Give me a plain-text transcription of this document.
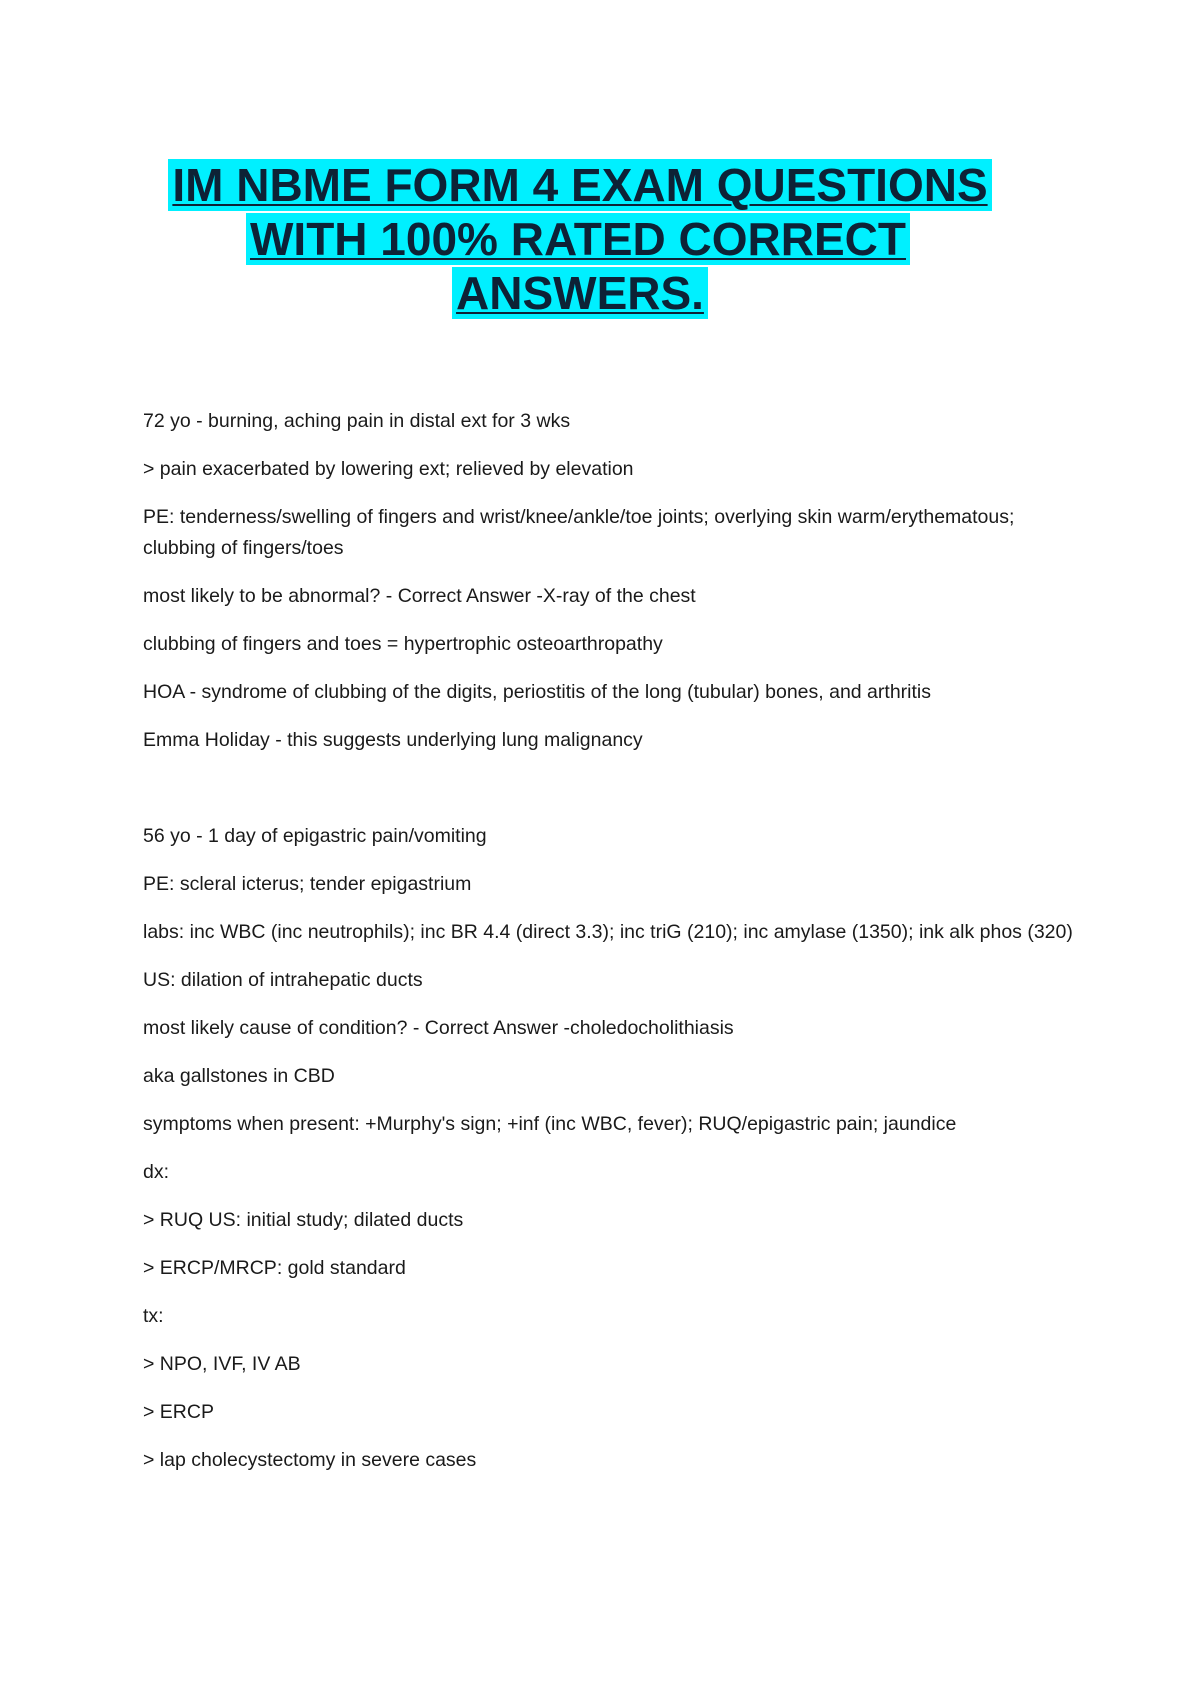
IM NBME FORM 4 EXAM QUESTIONS
WITH 100% RATED CORRECT ANSWERS.

72 yo - burning, aching pain in distal ext for 3 wks

> pain exacerbated by lowering ext; relieved by elevation

PE: tenderness/swelling of fingers and wrist/knee/ankle/toe joints; overlying skin warm/erythematous; clubbing of fingers/toes

most likely to be abnormal? - Correct Answer -X-ray of the chest

clubbing of fingers and toes = hypertrophic osteoarthropathy

HOA - syndrome of clubbing of the digits, periostitis of the long (tubular) bones, and arthritis

Emma Holiday - this suggests underlying lung malignancy

56 yo - 1 day of epigastric pain/vomiting

PE: scleral icterus; tender epigastrium

labs: inc WBC (inc neutrophils); inc BR 4.4 (direct 3.3); inc triG (210); inc amylase (1350); ink alk phos (320)

US: dilation of intrahepatic ducts

most likely cause of condition? - Correct Answer -choledocholithiasis

aka gallstones in CBD

symptoms when present: +Murphy's sign; +inf (inc WBC, fever); RUQ/epigastric pain; jaundice

dx:

> RUQ US: initial study; dilated ducts

> ERCP/MRCP: gold standard

tx:

> NPO, IVF, IV AB

> ERCP

> lap cholecystectomy in severe cases
